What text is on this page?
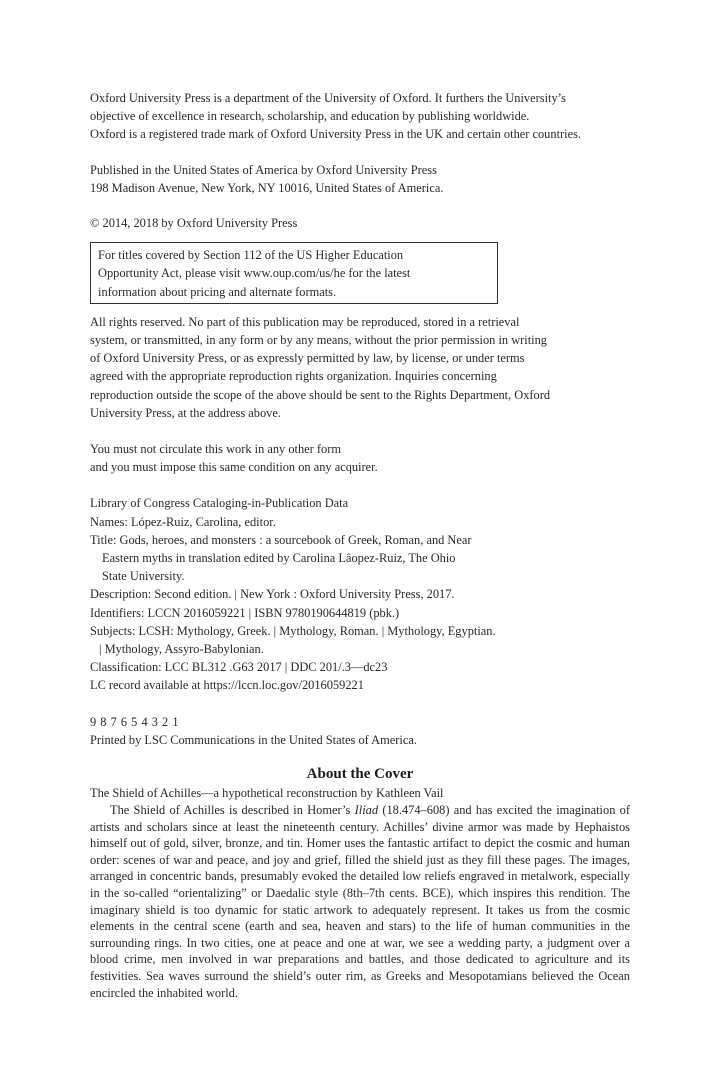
Oxford University Press is a department of the University of Oxford. It furthers the University’s
objective of excellence in research, scholarship, and education by publishing worldwide.
Oxford is a registered trade mark of Oxford University Press in the UK and certain other countries.
Published in the United States of America by Oxford University Press
198 Madison Avenue, New York, NY 10016, United States of America.
© 2014, 2018 by Oxford University Press
For titles covered by Section 112 of the US Higher Education
Opportunity Act, please visit www.oup.com/us/he for the latest
information about pricing and alternate formats.
All rights reserved. No part of this publication may be reproduced, stored in a retrieval
system, or transmitted, in any form or by any means, without the prior permission in writing
of Oxford University Press, or as expressly permitted by law, by license, or under terms
agreed with the appropriate reproduction rights organization. Inquiries concerning
reproduction outside the scope of the above should be sent to the Rights Department, Oxford
University Press, at the address above.
You must not circulate this work in any other form
and you must impose this same condition on any acquirer.
Library of Congress Cataloging-in-Publication Data
Names: López-Ruiz, Carolina, editor.
Title: Gods, heroes, and monsters : a sourcebook of Greek, Roman, and Near
Eastern myths in translation edited by Carolina Lâopez-Ruiz, The Ohio
State University.
Description: Second edition. | New York : Oxford University Press, 2017.
Identifiers: LCCN 2016059221 | ISBN 9780190644819 (pbk.)
Subjects: LCSH: Mythology, Greek. | Mythology, Roman. | Mythology, Egyptian.
| Mythology, Assyro-Babylonian.
Classification: LCC BL312 .G63 2017 | DDC 201/.3—dc23
LC record available at https://lccn.loc.gov/2016059221
9 8 7 6 5 4 3 2 1
Printed by LSC Communications in the United States of America.
About the Cover
The Shield of Achilles—a hypothetical reconstruction by Kathleen Vail

The Shield of Achilles is described in Homer’s Iliad (18.474–608) and has excited the imagination of artists and scholars since at least the nineteenth century. Achilles’ divine armor was made by Hephaistos himself out of gold, silver, bronze, and tin. Homer uses the fantastic artifact to depict the cosmic and human order: scenes of war and peace, and joy and grief, filled the shield just as they fill these pages. The images, arranged in concentric bands, presumably evoked the detailed low reliefs engraved in metalwork, especially in the so-called “orientalizing” or Daedalic style (8th–7th cents. BCE), which inspires this rendition. The imaginary shield is too dynamic for static artwork to adequately represent. It takes us from the cosmic elements in the central scene (earth and sea, heaven and stars) to the life of human communities in the surrounding rings. In two cities, one at peace and one at war, we see a wedding party, a judgment over a blood crime, men involved in war preparations and battles, and those dedicated to agriculture and its festivities. Sea waves surround the shield’s outer rim, as Greeks and Mesopotamians believed the Ocean encircled the inhabited world.
